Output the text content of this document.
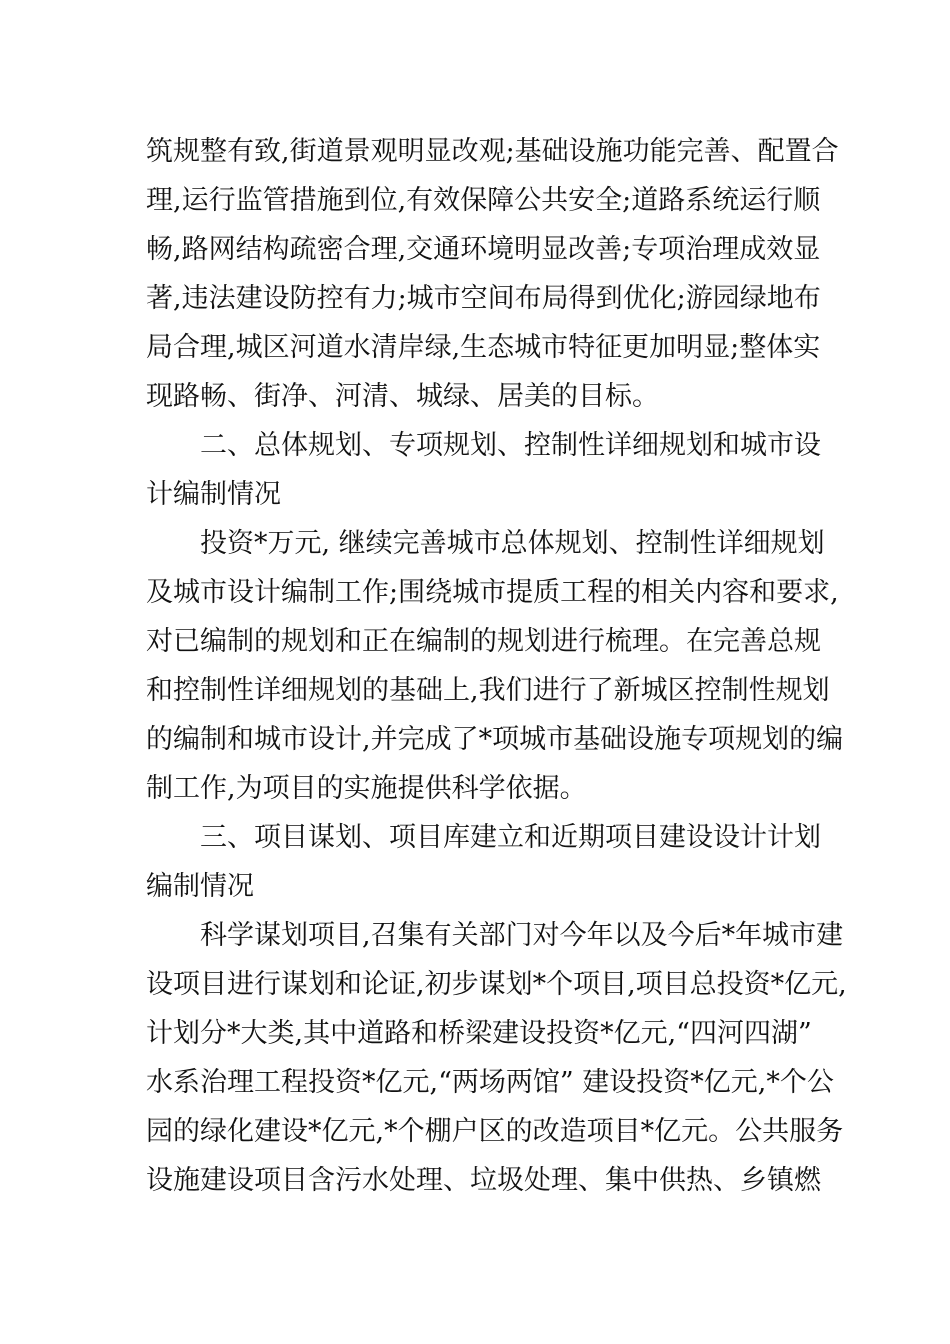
筑规整有致,街道景观明显改观;基础设施功能完善、配置合

理,运行监管措施到位,有效保障公共安全;道路系统运行顺

畅,路网结构疏密合理,交通环境明显改善;专项治理成效显

著,违法建设防控有力;城市空间布局得到优化;游园绿地布

局合理,城区河道水清岸绿,生态城市特征更加明显;整体实

现路畅、街净、河清、城绿、居美的目标。

二、总体规划、专项规划、控制性详细规划和城市设

计编制情况

投资*万元, 继续完善城市总体规划、控制性详细规划

及城市设计编制工作;围绕城市提质工程的相关内容和要求,

对已编制的规划和正在编制的规划进行梳理。在完善总规

和控制性详细规划的基础上,我们进行了新城区控制性规划

的编制和城市设计,并完成了*项城市基础设施专项规划的编

制工作,为项目的实施提供科学依据。

三、项目谋划、项目库建立和近期项目建设设计计划

编制情况

科学谋划项目,召集有关部门对今年以及今后*年城市建

设项目进行谋划和论证,初步谋划*个项目,项目总投资*亿元,

计划分*大类,其中道路和桥梁建设投资*亿元,“四河四湖”

水系治理工程投资*亿元,“两场两馆” 建设投资*亿元,*个公

园的绿化建设*亿元,*个棚户区的改造项目*亿元。公共服务

设施建设项目含污水处理、垃圾处理、集中供热、乡镇燃
